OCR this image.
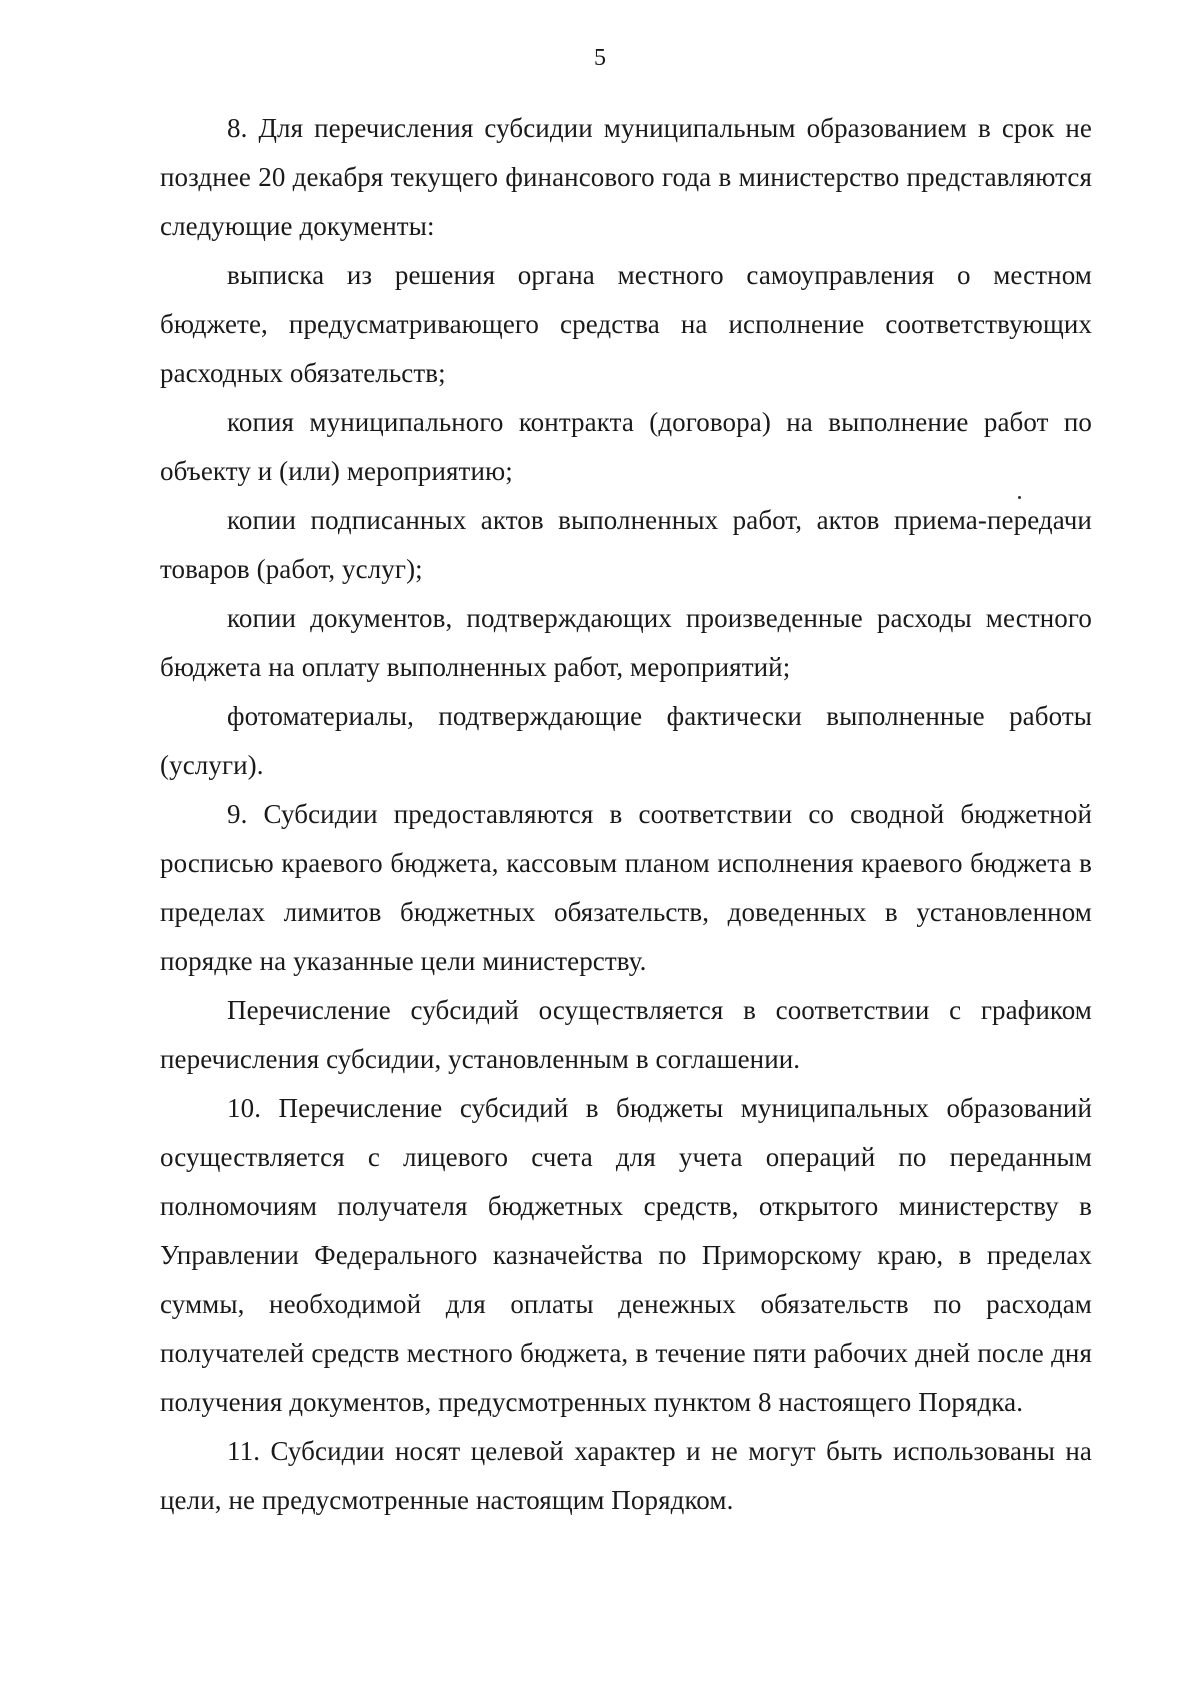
5

8. Для перечисления субсидии муниципальным образованием в срок не позднее 20 декабря текущего финансового года в министерство представляются следующие документы:

выписка из решения органа местного самоуправления о местном бюджете, предусматривающего средства на исполнение соответствующих расходных обязательств;

копия муниципального контракта (договора) на выполнение работ по объекту и (или) мероприятию;

копии подписанных актов выполненных работ, актов приема-передачи товаров (работ, услуг);

копии документов, подтверждающих произведенные расходы местного бюджета на оплату выполненных работ, мероприятий;

фотоматериалы, подтверждающие фактически выполненные работы (услуги).

9. Субсидии предоставляются в соответствии со сводной бюджетной росписью краевого бюджета, кассовым планом исполнения краевого бюджета в пределах лимитов бюджетных обязательств, доведенных в установленном порядке на указанные цели министерству.

Перечисление субсидий осуществляется в соответствии с графиком перечисления субсидии, установленным в соглашении.

10. Перечисление субсидий в бюджеты муниципальных образований осуществляется с лицевого счета для учета операций по переданным полномочиям получателя бюджетных средств, открытого министерству в Управлении Федерального казначейства по Приморскому краю, в пределах суммы, необходимой для оплаты денежных обязательств по расходам получателей средств местного бюджета, в течение пяти рабочих дней после дня получения документов, предусмотренных пунктом 8 настоящего Порядка.

11. Субсидии носят целевой характер и не могут быть использованы на цели, не предусмотренные настоящим Порядком.
